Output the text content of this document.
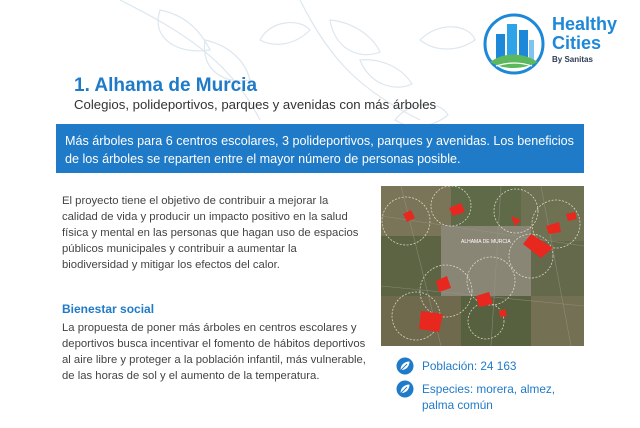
Healthy
Cities
By Sanitas
1. Alhama de Murcia
Colegios, polideportivos, parques y avenidas con más árboles
Más árboles para 6 centros escolares, 3 polideportivos, parques y avenidas. Los beneficios de los árboles se reparten entre el mayor número de personas posible.
El proyecto tiene el objetivo de contribuir a mejorar la calidad de vida y producir un impacto positivo en la salud física y mental en las personas que hagan uso de espacios públicos municipales y contribuir a aumentar la biodiversidad y mitigar los efectos del calor.
Bienestar social
La propuesta de poner más árboles en centros escolares y deportivos busca incentivar el fomento de hábitos deportivos al aire libre y proteger a la población infantil, más vulnerable, de las horas de sol y el aumento de la temperatura.
ALHAMA DE MURCIA
Población: 24 163
Especies: morera, almez,
palma común
